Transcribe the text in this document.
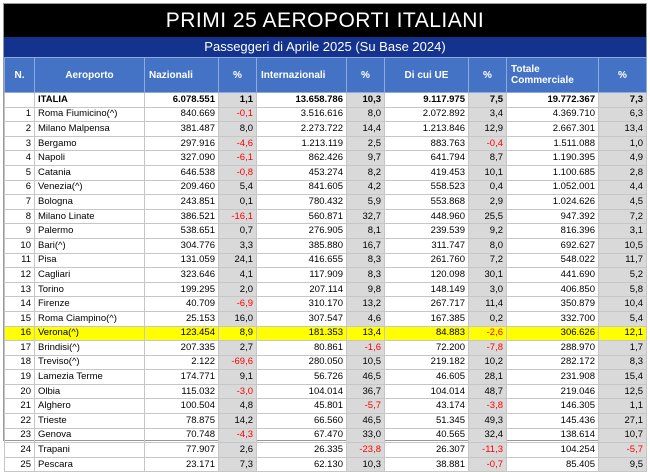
PRIMI 25 AEROPORTI ITALIANI
Passeggeri di Aprile 2025 (Su Base 2024)
N.	Aeroporto	Nazionali	%	Internazionali	%	Di cui UE	%	Totale Commerciale	%
	ITALIA	6.078.551	1,1	13.658.786	10,3	9.117.975	7,5	19.772.367	7,3
1	Roma Fiumicino(^)	840.669	-0,1	3.516.616	8,0	2.072.892	3,4	4.369.710	6,3
2	Milano Malpensa	381.487	8,0	2.273.722	14,4	1.213.846	12,9	2.667.301	13,4
3	Bergamo	297.916	-4,6	1.213.119	2,5	883.763	-0,4	1.511.088	1,0
4	Napoli	327.090	-6,1	862.426	9,7	641.794	8,7	1.190.395	4,9
5	Catania	646.538	-0,8	453.274	8,2	419.453	10,1	1.100.685	2,8
6	Venezia(^)	209.460	5,4	841.605	4,2	558.523	0,4	1.052.001	4,4
7	Bologna	243.851	0,1	780.432	5,9	553.868	2,9	1.024.626	4,5
8	Milano Linate	386.521	-16,1	560.871	32,7	448.960	25,5	947.392	7,2
9	Palermo	538.651	0,7	276.905	8,1	239.539	9,2	816.396	3,1
10	Bari(^)	304.776	3,3	385.880	16,7	311.747	8,0	692.627	10,5
11	Pisa	131.059	24,1	416.655	8,3	261.760	7,2	548.022	11,7
12	Cagliari	323.646	4,1	117.909	8,3	120.098	30,1	441.690	5,2
13	Torino	199.295	2,0	207.114	9,8	148.149	3,0	406.850	5,8
14	Firenze	40.709	-6,9	310.170	13,2	267.717	11,4	350.879	10,4
15	Roma Ciampino(^)	25.153	16,0	307.547	4,6	167.385	0,2	332.700	5,4
16	Verona(^)	123.454	8,9	181.353	13,4	84.883	-2,6	306.626	12,1
17	Brindisi(^)	207.335	2,7	80.861	-1,6	72.200	-7,8	288.970	1,7
18	Treviso(^)	2.122	-69,6	280.050	10,5	219.182	10,2	282.172	8,3
19	Lamezia Terme	174.771	9,1	56.726	46,5	46.605	28,1	231.908	15,4
20	Olbia	115.032	-3,0	104.014	36,7	104.014	48,7	219.046	12,5
21	Alghero	100.504	4,8	45.801	-5,7	43.174	-3,8	146.305	1,1
22	Trieste	78.875	14,2	66.560	46,5	51.345	49,3	145.436	27,1
23	Genova	70.748	-4,3	67.470	33,0	40.565	32,4	138.614	10,7
24	Trapani	77.907	2,6	26.335	-23,8	26.307	-11,3	104.254	-5,7
25	Pescara	23.171	7,3	62.130	10,3	38.881	-0,7	85.405	9,5
